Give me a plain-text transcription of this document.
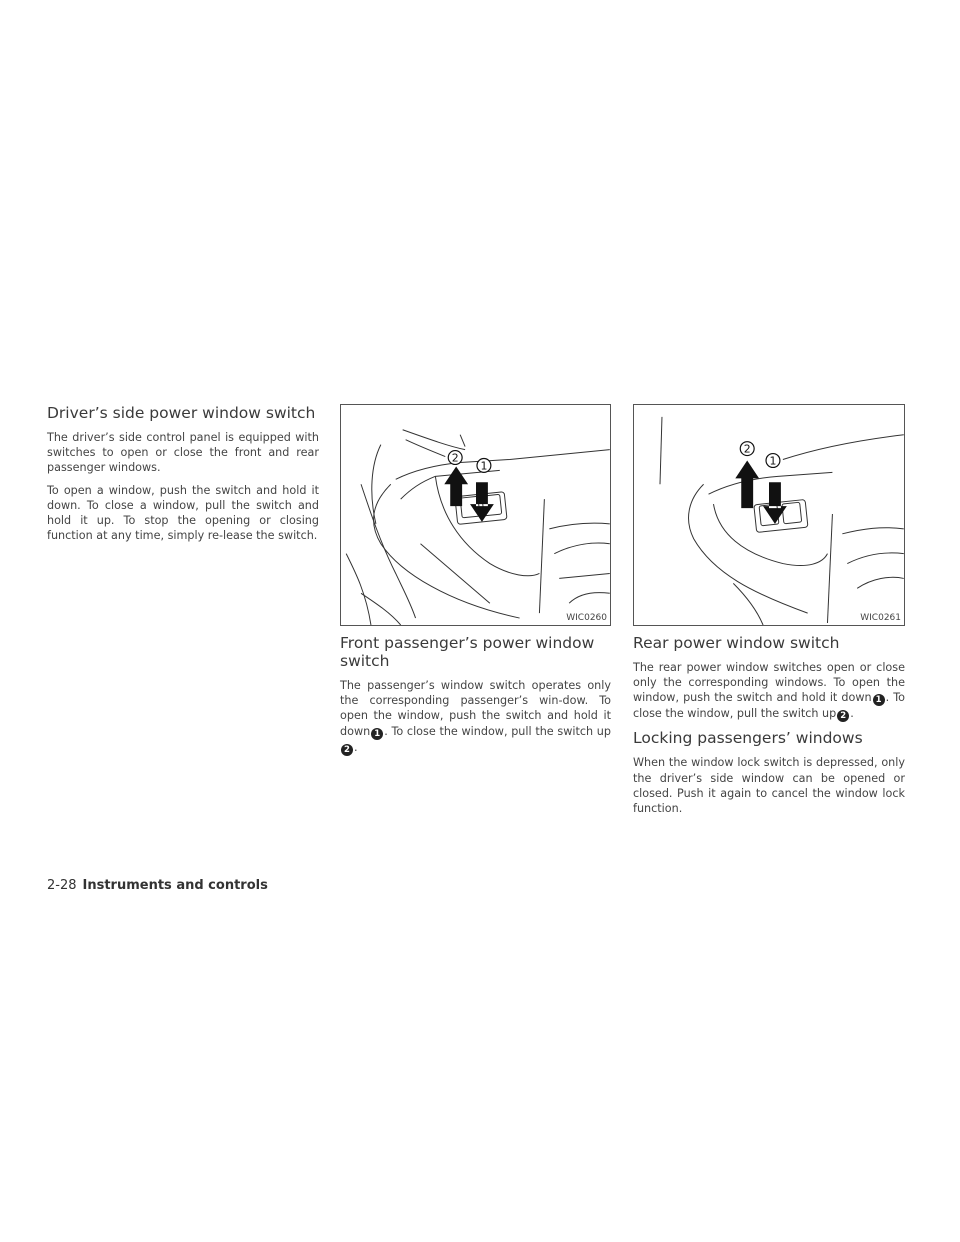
Driver’s side power window switch

The driver’s side control panel is equipped with switches to open or close the front and rear passenger windows.

To open a window, push the switch and hold it down. To close a window, pull the switch and hold it up. To stop the opening or closing function at any time, simply re-lease the switch.

2
1
WIC0260
Front passenger’s power window switch

The passenger’s window switch operates only the corresponding passenger’s win-dow. To open the window, push the switch and hold it down 1 . To close the window, pull the switch up2 .

2
1
WIC0261
Rear power window switch

The rear power window switches open or close only the corresponding windows. To open the window, push the switch and hold it down 1 . To close the window, pull the switch up 2 .

Locking passengers’ windows

When the window lock switch is depressed, only the driver’s side window can be opened or closed. Push it again to cancel the window lock function.

2-28 Instruments and controls
